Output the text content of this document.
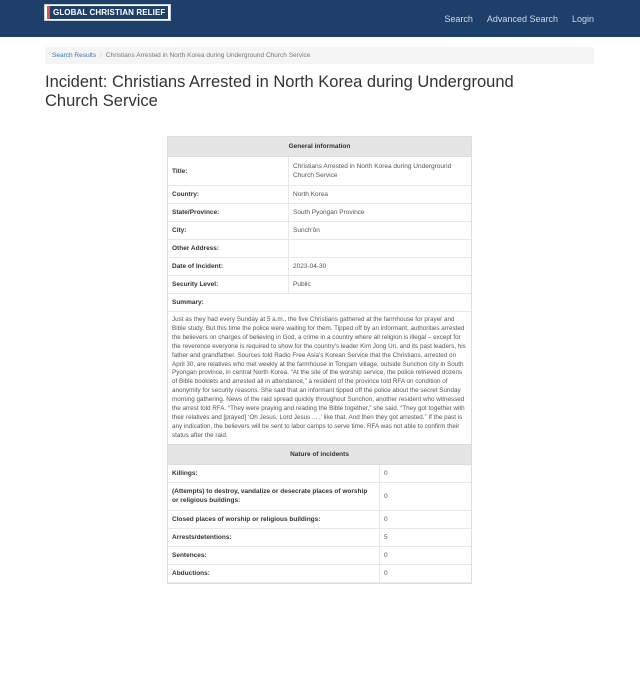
GLOBAL CHRISTIAN RELIEF
Search Advanced Search Login
Search Results / Christians Arrested in North Korea during Underground Church Service
Incident: Christians Arrested in North Korea during Underground Church Service
General information
Title:
Christians Arrested in North Korea during Underground Church Service
Country:	North Korea
State/Province:	South Pyongan Province
City:	Sunch'ŏn
Other Address:
Date of Incident:	2023-04-30
Security Level:	Public
Summary:
Just as they had every Sunday at 5 a.m., the five Christians gathered at the farmhouse for prayer and Bible study. But this time the police were waiting for them. Tipped off by an informant, authorities arrested the believers on charges of believing in God, a crime in a country where all religion is illegal – except for the reverence everyone is required to show for the country's leader Kim Jong Un, and its past leaders, his father and grandfather. Sources told Radio Free Asia's Korean Service that the Christians, arrested on April 30, are relatives who met weekly at the farmhouse in Tongam village, outside Sunchon city in South Pyongan province, in central North Korea. “At the site of the worship service, the police retrieved dozens of Bible booklets and arrested all in attendance,” a resident of the province told RFA on condition of anonymity for security reasons. She said that an informant tipped off the police about the secret Sunday morning gathering. News of the raid spread quickly throughout Sunchon, another resident who witnessed the arrest told RFA. “They were praying and reading the Bible together,” she said. “They got together with their relatives and [prayed] ‘Oh Jesus, Lord Jesus ... ,’ like that. And then they got arrested.” If the past is any indication, the believers will be sent to labor camps to serve time. RFA was not able to confirm their status after the raid.
Nature of incidents
Killings:	0
(Attempts) to destroy, vandalize or desecrate places of worship or religious buildings:
0
Closed places of worship or religious buildings:	0
Arrests/detentions:	5
Sentences:	0
Abductions:	0
